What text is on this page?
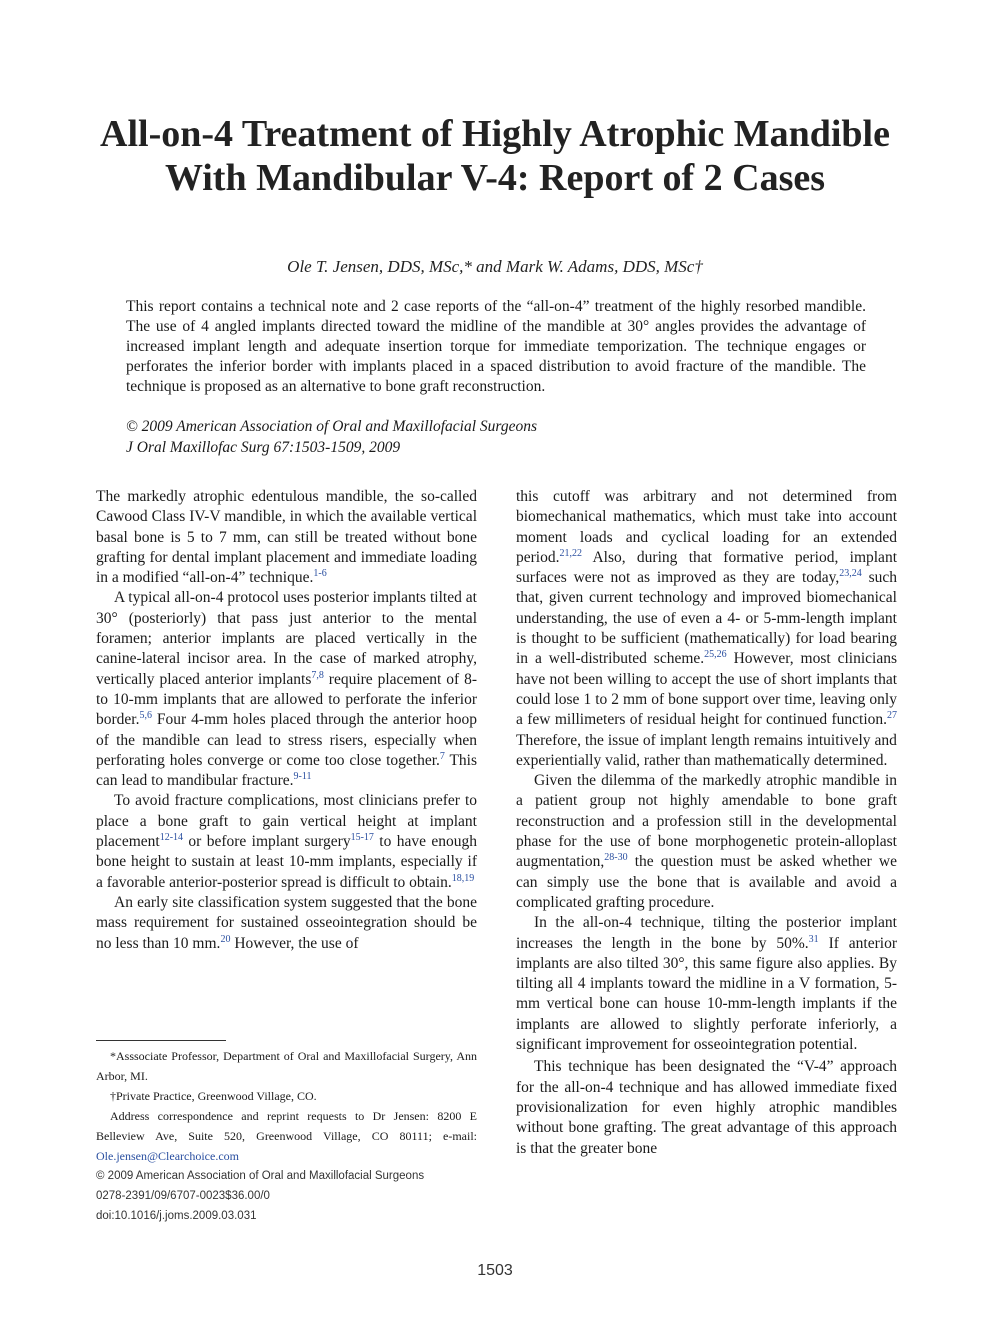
All-on-4 Treatment of Highly Atrophic Mandible With Mandibular V-4: Report of 2 Cases
Ole T. Jensen, DDS, MSc,* and Mark W. Adams, DDS, MSc†

This report contains a technical note and 2 case reports of the “all-on-4” treatment of the highly resorbed mandible. The use of 4 angled implants directed toward the midline of the mandible at 30° angles provides the advantage of increased implant length and adequate insertion torque for immediate temporization. The technique engages or perforates the inferior border with implants placed in a spaced distribution to avoid fracture of the mandible. The technique is proposed as an alternative to bone graft reconstruction.

© 2009 American Association of Oral and Maxillofacial Surgeons
J Oral Maxillofac Surg 67:1503-1509, 2009

The markedly atrophic edentulous mandible, the so-called Cawood Class IV-V mandible, in which the available vertical basal bone is 5 to 7 mm, can still be treated without bone grafting for dental implant placement and immediate loading in a modified “all-on-4” technique.$^{1-6}$

A typical all-on-4 protocol uses posterior implants tilted at 30° (posteriorly) that pass just anterior to the mental foramen; anterior implants are placed vertically in the canine-lateral incisor area. In the case of marked atrophy, vertically placed anterior implants$^{7,8}$ require placement of 8- to 10-mm implants that are allowed to perforate the inferior border.$^{5,6}$ Four 4-mm holes placed through the anterior hoop of the mandible can lead to stress risers, especially when perforating holes converge or come too close together.$^7$ This can lead to mandibular fracture.$^{9-11}$

To avoid fracture complications, most clinicians prefer to place a bone graft to gain vertical height at implant placement$^{12-14}$ or before implant surgery$^{15-17}$ to have enough bone height to sustain at least 10-mm implants, especially if a favorable anterior-posterior spread is difficult to obtain.$^{18,19}$

An early site classification system suggested that the bone mass requirement for sustained osseointegration should be no less than 10 mm.$^{20}$ However, the use of

*Asssociate Professor, Department of Oral and Maxillofacial Surgery, Ann Arbor, MI.

†Private Practice, Greenwood Village, CO.

Address correspondence and reprint requests to Dr Jensen: 8200 E Belleview Ave, Suite 520, Greenwood Village, CO 80111; e-mail: Ole.jensen@Clearchoice.com

© 2009 American Association of Oral and Maxillofacial Surgeons
0278-2391/09/6707-0023$36.00/0
doi:10.1016/j.joms.2009.03.031

this cutoff was arbitrary and not determined from biomechanical mathematics, which must take into account moment loads and cyclical loading for an extended period.$^{21,22}$ Also, during that formative period, implant surfaces were not as improved as they are today,$^{23,24}$ such that, given current technology and improved biomechanical understanding, the use of even a 4- or 5-mm-length implant is thought to be sufficient (mathematically) for load bearing in a well-distributed scheme.$^{25,26}$ However, most clinicians have not been willing to accept the use of short implants that could lose 1 to 2 mm of bone support over time, leaving only a few millimeters of residual height for continued function.$^{27}$ Therefore, the issue of implant length remains intuitively and experientially valid, rather than mathematically determined.

Given the dilemma of the markedly atrophic mandible in a patient group not highly amendable to bone graft reconstruction and a profession still in the developmental phase for the use of bone morphogenetic protein-alloplast augmentation,$^{28-30}$ the question must be asked whether we can simply use the bone that is available and avoid a complicated grafting procedure.

In the all-on-4 technique, tilting the posterior implant increases the length in the bone by 50%.$^{31}$ If anterior implants are also tilted 30°, this same figure also applies. By tilting all 4 implants toward the midline in a V formation, 5-mm vertical bone can house 10-mm-length implants if the implants are allowed to slightly perforate inferiorly, a significant improvement for osseointegration potential.

This technique has been designated the “V-4” approach for the all-on-4 technique and has allowed immediate fixed provisionalization for even highly atrophic mandibles without bone grafting. The great advantage of this approach is that the greater bone

1503
